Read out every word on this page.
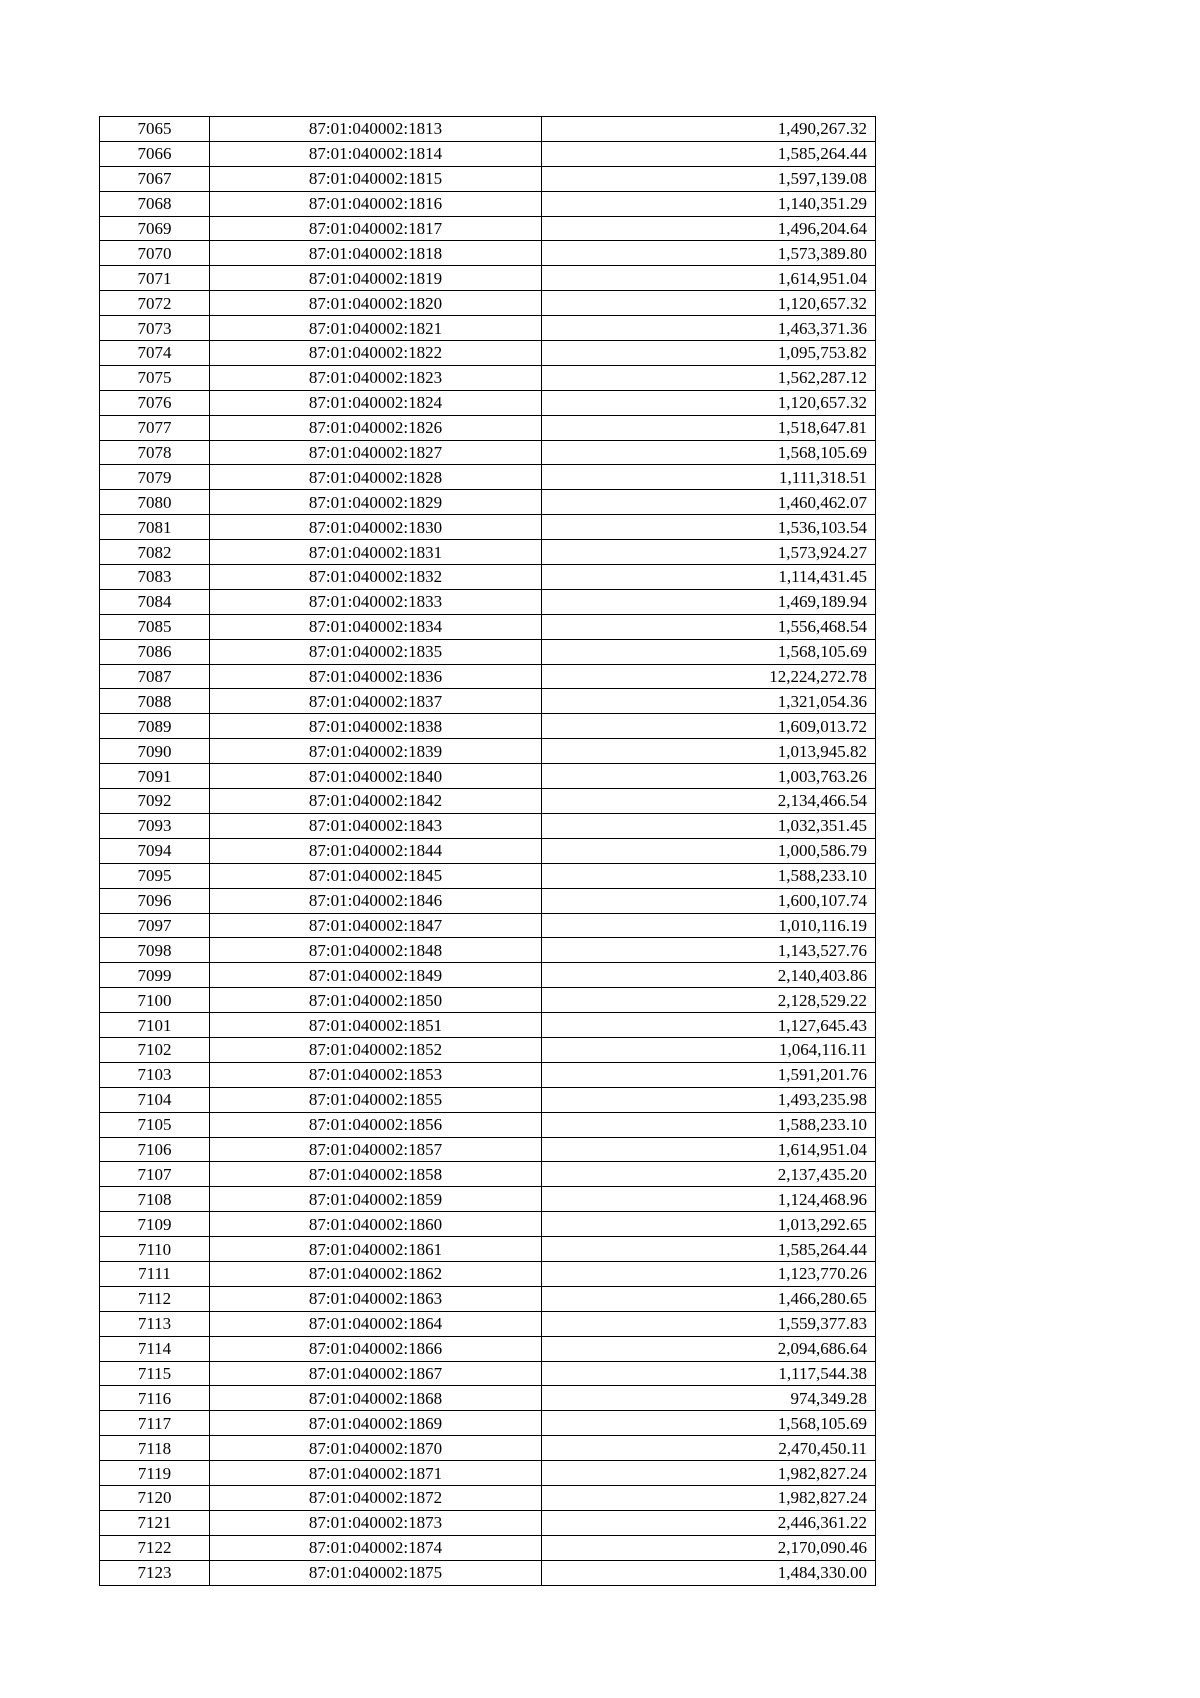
7065	87:01:040002:1813	1,490,267.32
7066	87:01:040002:1814	1,585,264.44
7067	87:01:040002:1815	1,597,139.08
7068	87:01:040002:1816	1,140,351.29
7069	87:01:040002:1817	1,496,204.64
7070	87:01:040002:1818	1,573,389.80
7071	87:01:040002:1819	1,614,951.04
7072	87:01:040002:1820	1,120,657.32
7073	87:01:040002:1821	1,463,371.36
7074	87:01:040002:1822	1,095,753.82
7075	87:01:040002:1823	1,562,287.12
7076	87:01:040002:1824	1,120,657.32
7077	87:01:040002:1826	1,518,647.81
7078	87:01:040002:1827	1,568,105.69
7079	87:01:040002:1828	1,111,318.51
7080	87:01:040002:1829	1,460,462.07
7081	87:01:040002:1830	1,536,103.54
7082	87:01:040002:1831	1,573,924.27
7083	87:01:040002:1832	1,114,431.45
7084	87:01:040002:1833	1,469,189.94
7085	87:01:040002:1834	1,556,468.54
7086	87:01:040002:1835	1,568,105.69
7087	87:01:040002:1836	12,224,272.78
7088	87:01:040002:1837	1,321,054.36
7089	87:01:040002:1838	1,609,013.72
7090	87:01:040002:1839	1,013,945.82
7091	87:01:040002:1840	1,003,763.26
7092	87:01:040002:1842	2,134,466.54
7093	87:01:040002:1843	1,032,351.45
7094	87:01:040002:1844	1,000,586.79
7095	87:01:040002:1845	1,588,233.10
7096	87:01:040002:1846	1,600,107.74
7097	87:01:040002:1847	1,010,116.19
7098	87:01:040002:1848	1,143,527.76
7099	87:01:040002:1849	2,140,403.86
7100	87:01:040002:1850	2,128,529.22
7101	87:01:040002:1851	1,127,645.43
7102	87:01:040002:1852	1,064,116.11
7103	87:01:040002:1853	1,591,201.76
7104	87:01:040002:1855	1,493,235.98
7105	87:01:040002:1856	1,588,233.10
7106	87:01:040002:1857	1,614,951.04
7107	87:01:040002:1858	2,137,435.20
7108	87:01:040002:1859	1,124,468.96
7109	87:01:040002:1860	1,013,292.65
7110	87:01:040002:1861	1,585,264.44
7111	87:01:040002:1862	1,123,770.26
7112	87:01:040002:1863	1,466,280.65
7113	87:01:040002:1864	1,559,377.83
7114	87:01:040002:1866	2,094,686.64
7115	87:01:040002:1867	1,117,544.38
7116	87:01:040002:1868	974,349.28
7117	87:01:040002:1869	1,568,105.69
7118	87:01:040002:1870	2,470,450.11
7119	87:01:040002:1871	1,982,827.24
7120	87:01:040002:1872	1,982,827.24
7121	87:01:040002:1873	2,446,361.22
7122	87:01:040002:1874	2,170,090.46
7123	87:01:040002:1875	1,484,330.00
